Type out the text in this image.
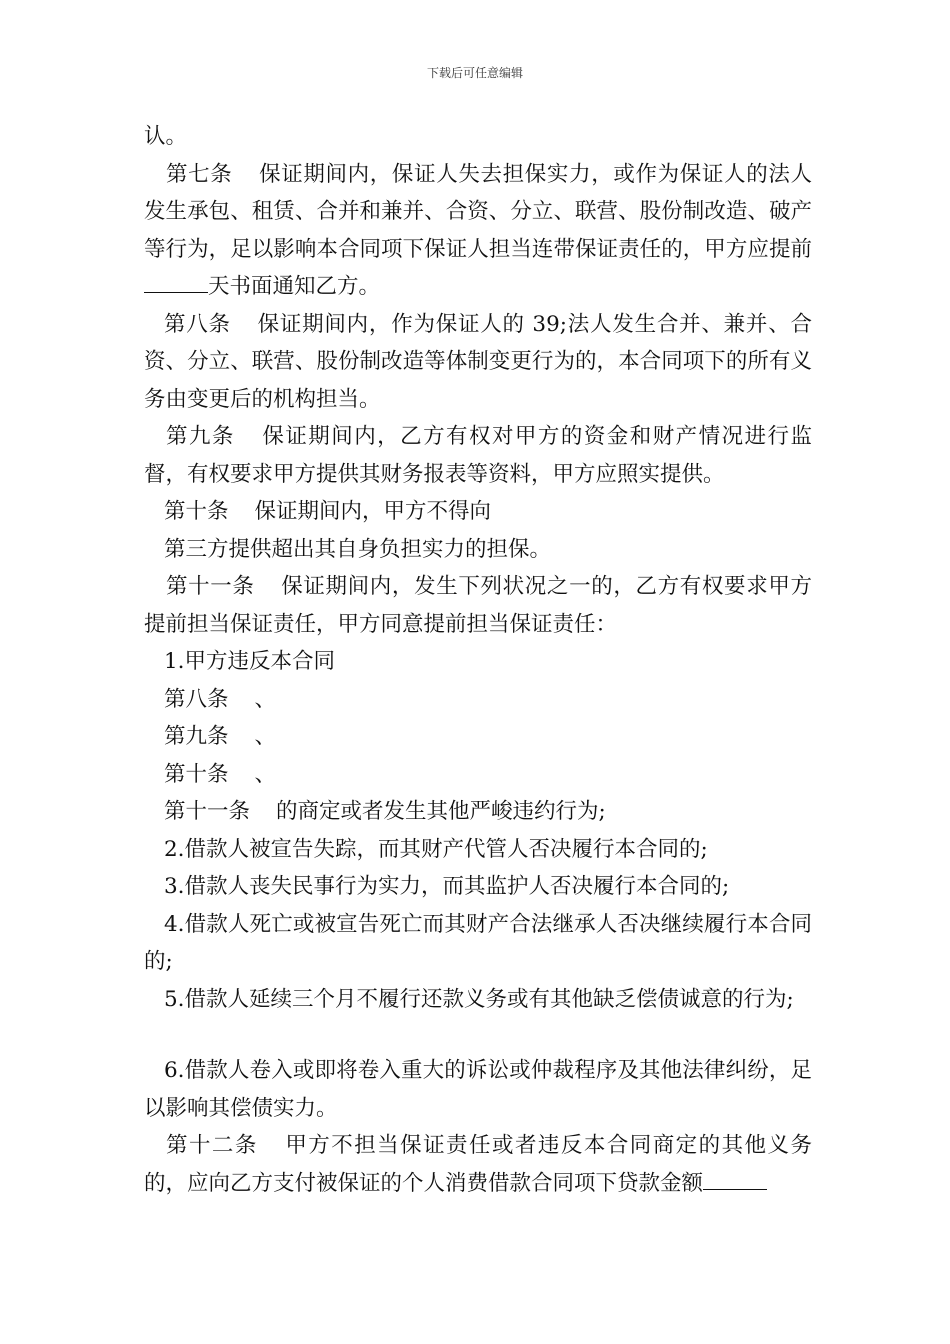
下载后可任意编辑

认。

第七条 保证期间内，保证人失去担保实力，或作为保证人的法人发生承包、租赁、合并和兼并、合资、分立、联营、股份制改造、破产等行为，足以影响本合同项下保证人担当连带保证责任的，甲方应提前天书面通知乙方。

第八条 保证期间内，作为保证人的 39;法人发生合并、兼并、合资、分立、联营、股份制改造等体制变更行为的，本合同项下的所有义务由变更后的机构担当。

第九条 保证期间内，乙方有权对甲方的资金和财产情况进行监督，有权要求甲方提供其财务报表等资料，甲方应照实提供。

第十条 保证期间内，甲方不得向

第三方提供超出其自身负担实力的担保。

第十一条 保证期间内，发生下列状况之一的，乙方有权要求甲方提前担当保证责任，甲方同意提前担当保证责任：

1.甲方违反本合同

第八条 、

第九条 、

第十条 、

第十一条 的商定或者发生其他严峻违约行为;

2.借款人被宣告失踪，而其财产代管人否决履行本合同的;

3.借款人丧失民事行为实力，而其监护人否决履行本合同的;

4.借款人死亡或被宣告死亡而其财产合法继承人否决继续履行本合同的;

5.借款人延续三个月不履行还款义务或有其他缺乏偿债诚意的行为;

6.借款人卷入或即将卷入重大的诉讼或仲裁程序及其他法律纠纷，足以影响其偿债实力。

第十二条 甲方不担当保证责任或者违反本合同商定的其他义务的，应向乙方支付被保证的个人消费借款合同项下贷款金额
